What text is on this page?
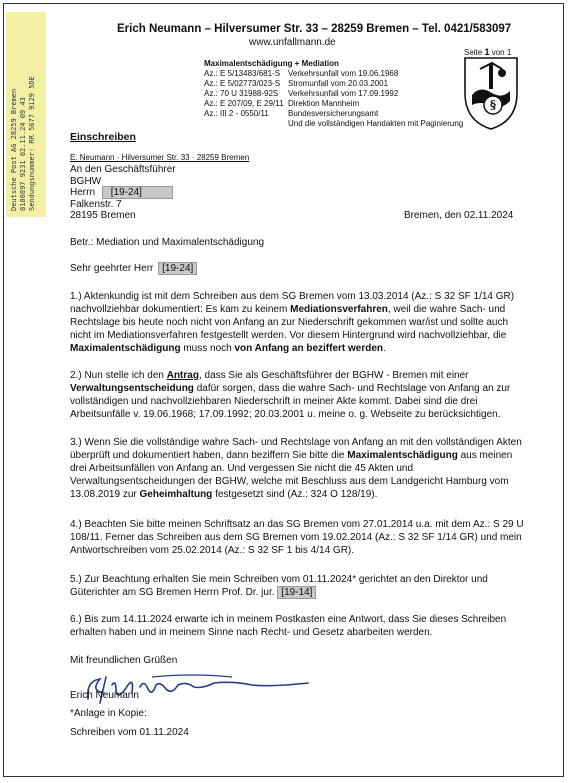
Deutsche Post AG 28259 Bremen 8100897 9231 02.11.24 09 43 Sendungsnummer: RR 5677 9129 5DE
Erich Neumann – Hilversumer Str. 33 – 28259 Bremen – Tel. 0421/583097
www.unfallmann.de
Seite 1 von 1
§
Maximalentschädigung + Mediation
Az.: E 5/13483/681-S Verkehrsunfall vom 19.06.1968
Az.: E 5/02773/023-S Stromunfall vom 20.03.2001
Az.: 70 U 31988-92S Verkehrsunfall vom 17.09.1992
Az.: E 207/09, E 29/11 Direktion Mannheim
Az.: III 2 - 0550/11 Bundesversicherungsamt
Und die vollständigen Handakten mit Paginierung
Einschreiben
E. Neumann · Hilversumer Str. 33 · 28259 Bremen
An den Geschäftsführer
BGHW
Herrn [19-24]
Falkenstr. 7
28195 Bremen	Bremen, den 02.11.2024
Betr.: Mediation und Maximalentschädigung
Sehr geehrter Herr [19-24]
1.) Aktenkundig ist mit dem Schreiben aus dem SG Bremen vom 13.03.2014 (Az.: S 32 SF 1/14 GR) nachvollziehbar dokumentiert: Es kam zu keinem Mediationsverfahren, weil die wahre Sach- und Rechtslage bis heute noch nicht von Anfang an zur Niederschrift gekommen war/ist und sollte auch nicht im Mediationsverfahren festgestellt werden. Vor diesem Hintergrund wird nachvollziehbar, die Maximalentschädigung muss noch von Anfang an beziffert werden.
2.) Nun stelle ich den Antrag, dass Sie als Geschäftsführer der BGHW - Bremen mit einer Verwaltungsentscheidung dafür sorgen, dass die wahre Sach- und Rechtslage von Anfang an zur vollständigen und nachvollziehbaren Niederschrift in meiner Akte kommt. Dabei sind die drei Arbeitsunfälle v. 19.06.1968; 17.09.1992; 20.03.2001 u. meine o. g. Webseite zu berücksichtigen.
3.) Wenn Sie die vollständige wahre Sach- und Rechtslage von Anfang an mit den vollständigen Akten überprüft und dokumentiert haben, dann beziffern Sie bitte die Maximalentschädigung aus meinen drei Arbeitsunfällen von Anfang an. Und vergessen Sie nicht die 45 Akten und Verwaltungsentscheidungen der BGHW, welche mit Beschluss aus dem Landgericht Hamburg vom 13.08.2019 zur Geheimhaltung festgesetzt sind (Az.: 324 O 128/19).
4.) Beachten Sie bitte meinen Schriftsatz an das SG Bremen vom 27.01.2014 u.a. mit dem Az.: S 29 U 108/11. Ferner das Schreiben aus dem SG Bremen vom 19.02.2014 (Az.: S 32 SF 1/14 GR) und mein Antwortschreiben vom 25.02.2014 (Az.: S 32 SF 1 bis 4/14 GR).
5.) Zur Beachtung erhalten Sie mein Schreiben vom 01.11.2024* gerichtet an den Direktor und Güterichter am SG Bremen Herrn Prof. Dr. jur. [19-14]
6.) Bis zum 14.11.2024 erwarte ich in meinem Postkasten eine Antwort, dass Sie dieses Schreiben erhalten haben und in meinem Sinne nach Recht- und Gesetz abarbeiten werden.
Mit freundlichen Grüßen
Erich Neumann
*Anlage in Kopie:
Schreiben vom 01.11.2024
